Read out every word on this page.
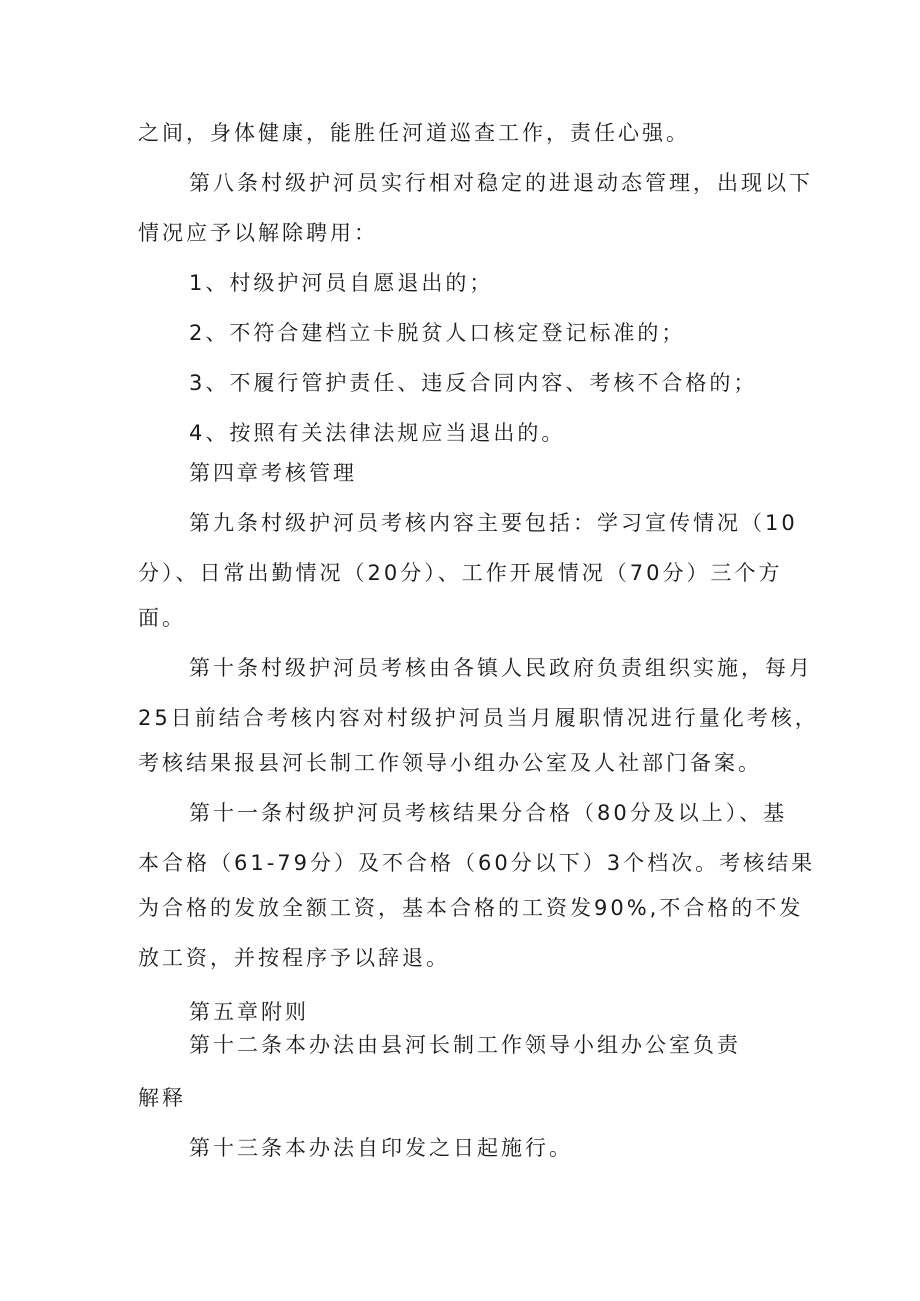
之间，身体健康，能胜任河道巡查工作，责任心强。
第八条村级护河员实行相对稳定的进退动态管理，出现以下
情况应予以解除聘用：
1、村级护河员自愿退出的；
2、不符合建档立卡脱贫人口核定登记标准的；
3、不履行管护责任、违反合同内容、考核不合格的；
4、按照有关法律法规应当退出的。
第四章考核管理
第九条村级护河员考核内容主要包括：学习宣传情况（10
分）、日常出勤情况（20分）、工作开展情况（70分）三个方
面。
第十条村级护河员考核由各镇人民政府负责组织实施，每月
25日前结合考核内容对村级护河员当月履职情况进行量化考核，
考核结果报县河长制工作领导小组办公室及人社部门备案。
第十一条村级护河员考核结果分合格（80分及以上）、基
本合格（61-79分）及不合格（60分以下）3个档次。考核结果
为合格的发放全额工资，基本合格的工资发90%,不合格的不发
放工资，并按程序予以辞退。
第五章附则
第十二条本办法由县河长制工作领导小组办公室负责
解释
第十三条本办法自印发之日起施行。
